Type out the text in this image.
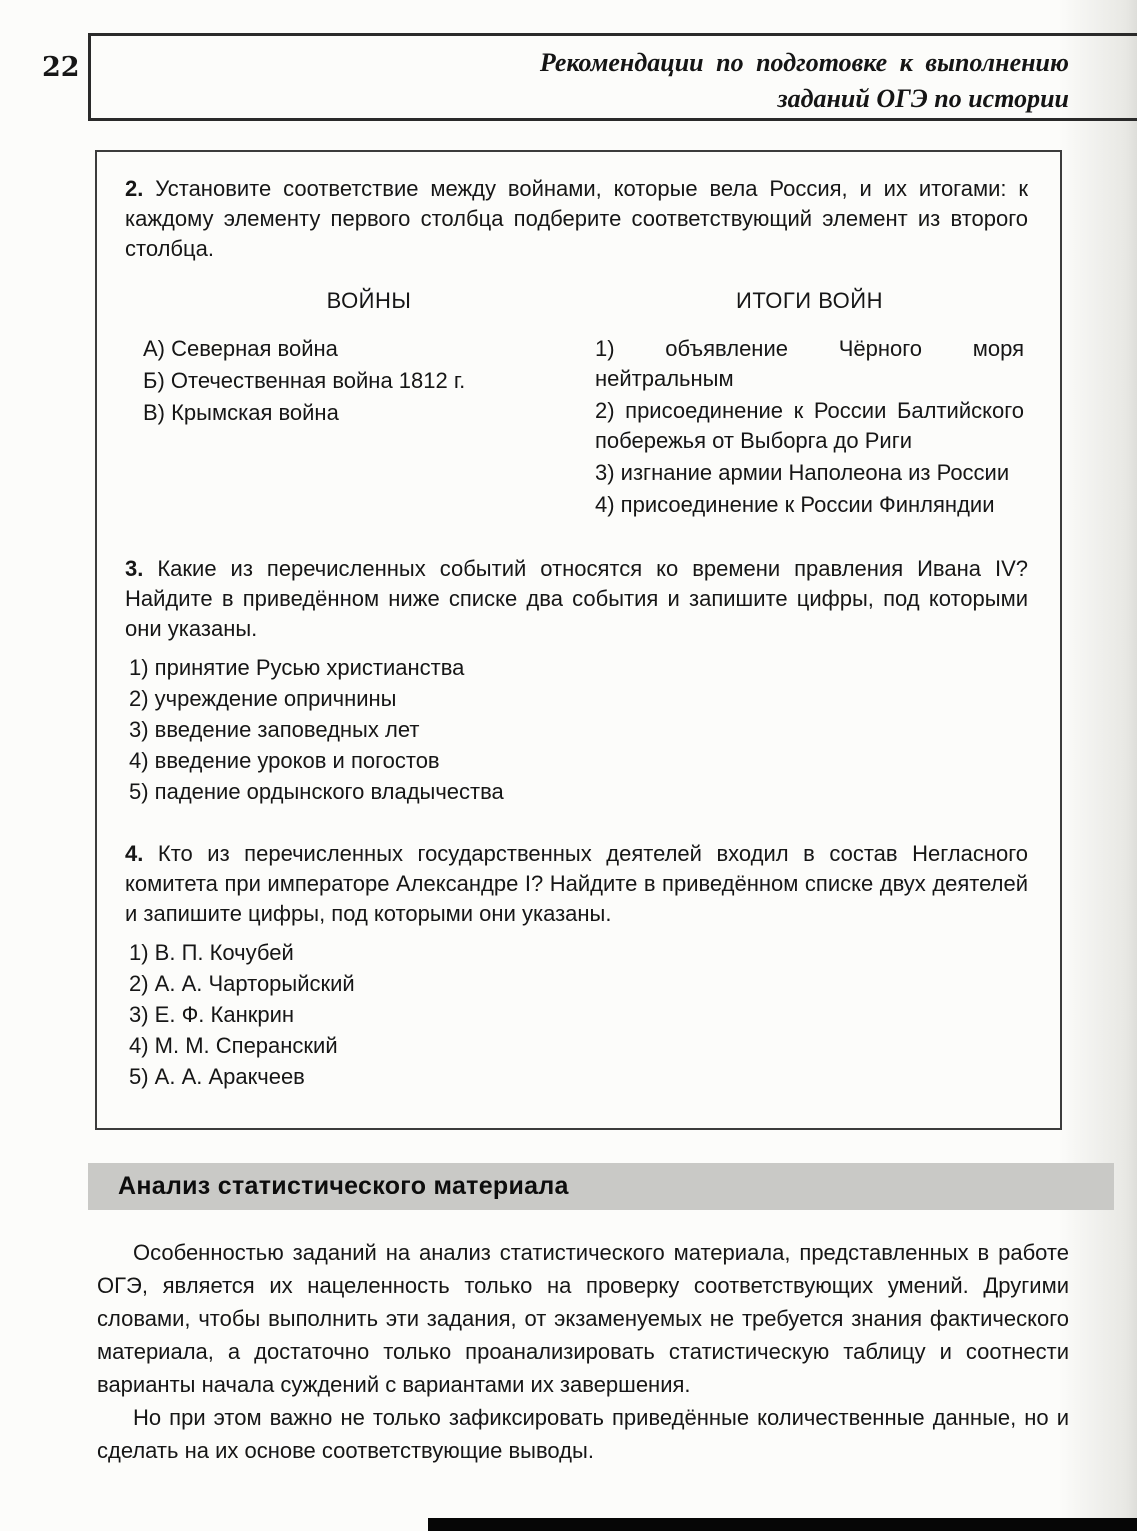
22	Рекомендации по подготовке к выполнению
заданий ОГЭ по истории

2. Установите соответствие между войнами, которые вела Россия, и их итогами: к каждому элементу первого столбца подберите соответствующий элемент из второго столбца.

ВОЙНЫ
А) Северная война
Б) Отечественная война 1812 г.
В) Крымская война
ИТОГИ ВОЙН
1) объявление Чёрного моря нейтральным
2) присоединение к России Балтийского побережья от Выборга до Риги
3) изгнание армии Наполеона из России
4) присоединение к России Финляндии

3. Какие из перечисленных событий относятся ко времени правления Ивана IV? Найдите в приведённом ниже списке два события и запишите цифры, под которыми они указаны.

1) принятие Русью христианства
2) учреждение опричнины
3) введение заповедных лет
4) введение уроков и погостов
5) падение ордынского владычества

4. Кто из перечисленных государственных деятелей входил в состав Негласного комитета при императоре Александре I? Найдите в приведённом списке двух деятелей и запишите цифры, под которыми они указаны.

1) В. П. Кочубей
2) А. А. Чарторыйский
3) Е. Ф. Канкрин
4) М. М. Сперанский
5) А. А. Аракчеев
Анализ статистического материала

Особенностью заданий на анализ статистического материала, представленных в работе ОГЭ, является их нацеленность только на проверку соответствующих умений. Другими словами, чтобы выполнить эти задания, от экзаменуемых не требуется знания фактического материала, а достаточно только проанализировать статистическую таблицу и соотнести варианты начала суждений с вариантами их завершения.

Но при этом важно не только зафиксировать приведённые количественные данные, но и сделать на их основе соответствующие выводы.
